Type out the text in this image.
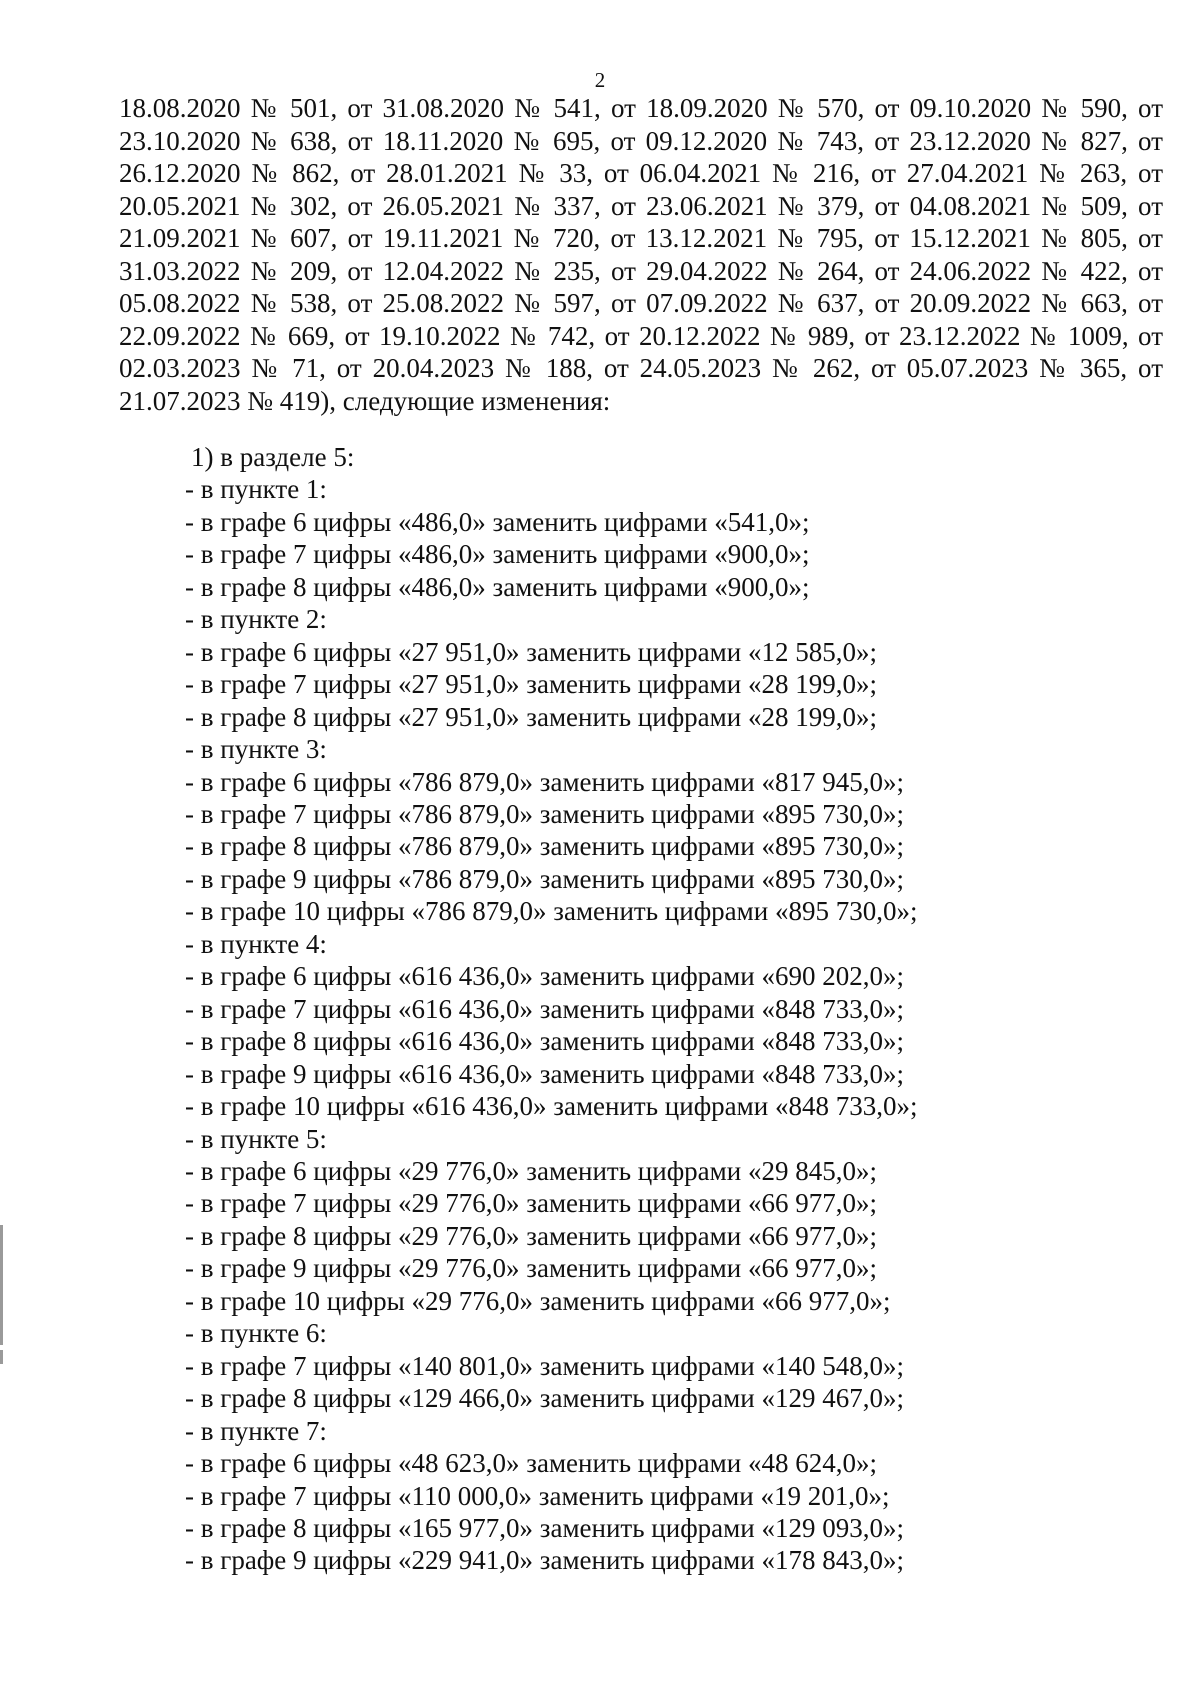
2

18.08.2020 № 501, от 31.08.2020 № 541, от 18.09.2020 № 570, от 09.10.2020 № 590, от
23.10.2020 № 638, от 18.11.2020 № 695, от 09.12.2020 № 743, от 23.12.2020 № 827, от
26.12.2020 № 862, от 28.01.2021 № 33, от 06.04.2021 № 216, от 27.04.2021 № 263, от
20.05.2021 № 302, от 26.05.2021 № 337, от 23.06.2021 № 379, от 04.08.2021 № 509, от
21.09.2021 № 607, от 19.11.2021 № 720, от 13.12.2021 № 795, от 15.12.2021 № 805, от
31.03.2022 № 209, от 12.04.2022 № 235, от 29.04.2022 № 264, от 24.06.2022 № 422, от
05.08.2022 № 538, от 25.08.2022 № 597, от 07.09.2022 № 637, от 20.09.2022 № 663, от
22.09.2022 № 669, от 19.10.2022 № 742, от 20.12.2022 № 989, от 23.12.2022 № 1009, от
02.03.2023 № 71, от 20.04.2023 № 188, от 24.05.2023 № 262, от 05.07.2023 № 365, от
21.07.2023 № 419), следующие изменения:

1) в разделе 5:
- в пункте 1:
- в графе 6 цифры «486,0» заменить цифрами «541,0»;
- в графе 7 цифры «486,0» заменить цифрами «900,0»;
- в графе 8 цифры «486,0» заменить цифрами «900,0»;
- в пункте 2:
- в графе 6 цифры «27 951,0» заменить цифрами «12 585,0»;
- в графе 7 цифры «27 951,0» заменить цифрами «28 199,0»;
- в графе 8 цифры «27 951,0» заменить цифрами «28 199,0»;
- в пункте 3:
- в графе 6 цифры «786 879,0» заменить цифрами «817 945,0»;
- в графе 7 цифры «786 879,0» заменить цифрами «895 730,0»;
- в графе 8 цифры «786 879,0» заменить цифрами «895 730,0»;
- в графе 9 цифры «786 879,0» заменить цифрами «895 730,0»;
- в графе 10 цифры «786 879,0» заменить цифрами «895 730,0»;
- в пункте 4:
- в графе 6 цифры «616 436,0» заменить цифрами «690 202,0»;
- в графе 7 цифры «616 436,0» заменить цифрами «848 733,0»;
- в графе 8 цифры «616 436,0» заменить цифрами «848 733,0»;
- в графе 9 цифры «616 436,0» заменить цифрами «848 733,0»;
- в графе 10 цифры «616 436,0» заменить цифрами «848 733,0»;
- в пункте 5:
- в графе 6 цифры «29 776,0» заменить цифрами «29 845,0»;
- в графе 7 цифры «29 776,0» заменить цифрами «66 977,0»;
- в графе 8 цифры «29 776,0» заменить цифрами «66 977,0»;
- в графе 9 цифры «29 776,0» заменить цифрами «66 977,0»;
- в графе 10 цифры «29 776,0» заменить цифрами «66 977,0»;
- в пункте 6:
- в графе 7 цифры «140 801,0» заменить цифрами «140 548,0»;
- в графе 8 цифры «129 466,0» заменить цифрами «129 467,0»;
- в пункте 7:
- в графе 6 цифры «48 623,0» заменить цифрами «48 624,0»;
- в графе 7 цифры «110 000,0» заменить цифрами «19 201,0»;
- в графе 8 цифры «165 977,0» заменить цифрами «129 093,0»;
- в графе 9 цифры «229 941,0» заменить цифрами «178 843,0»;
